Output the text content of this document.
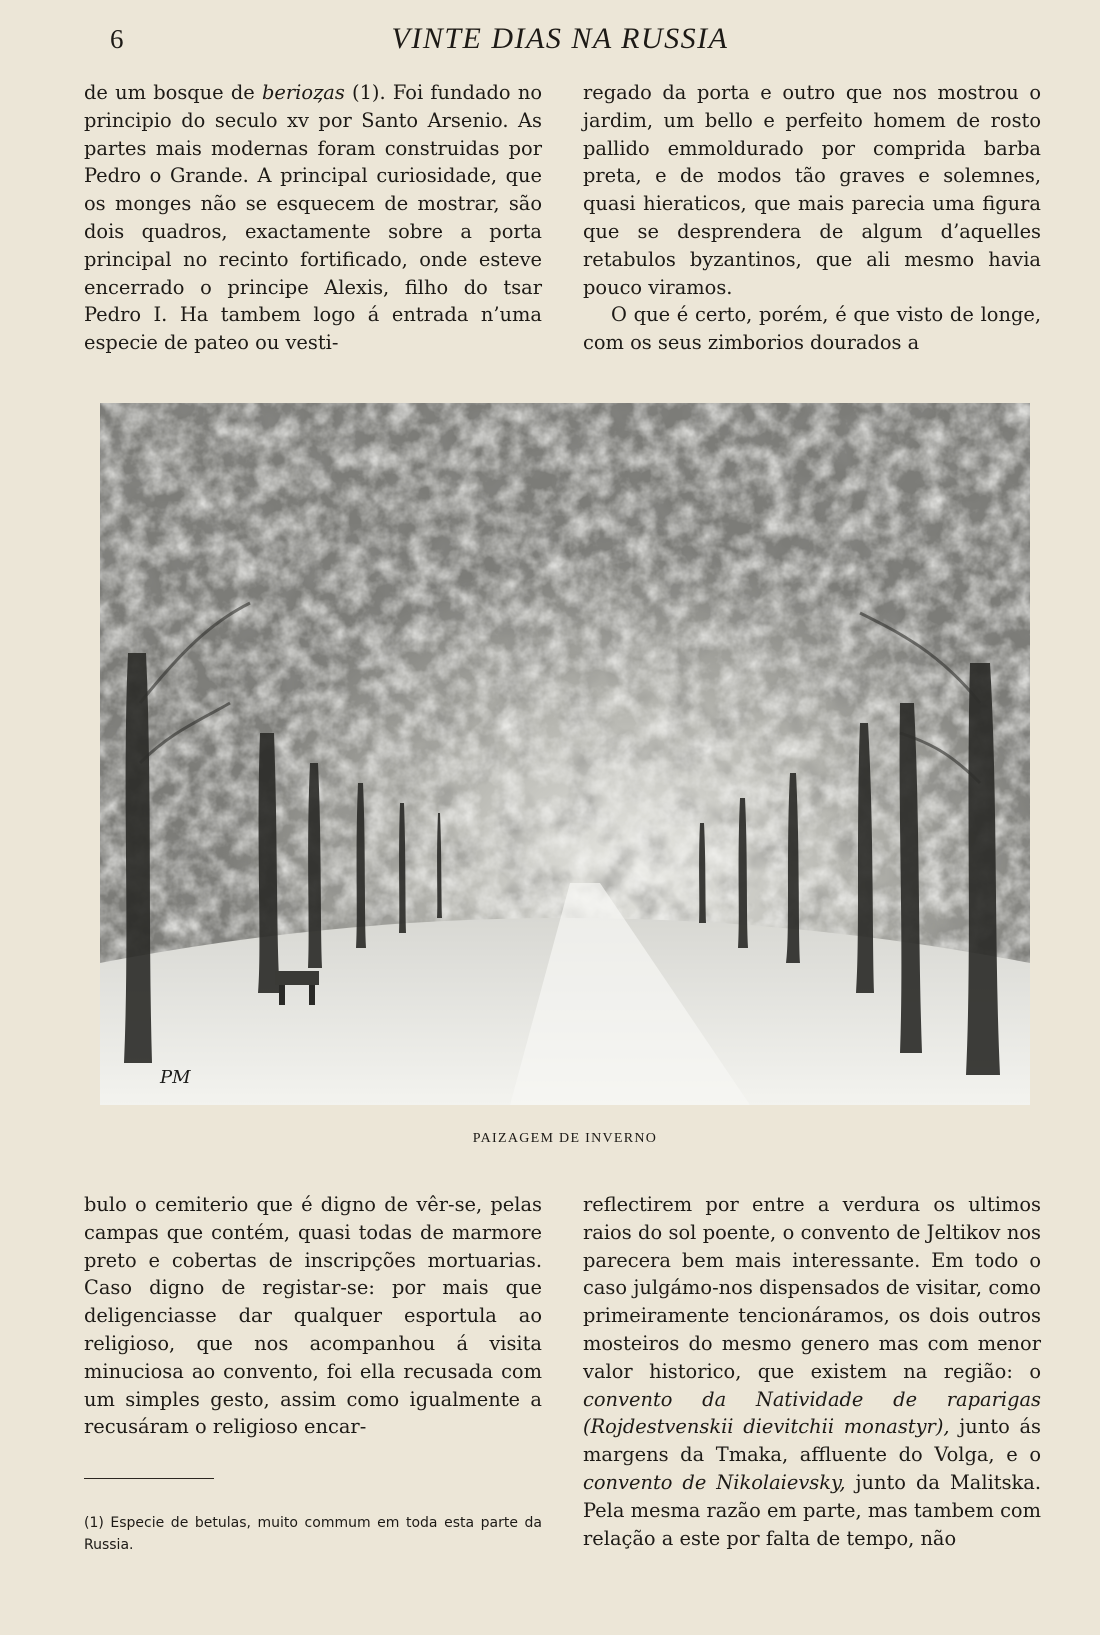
6	VINTE DIAS NA RUSSIA

de um bosque de berioȥas (1). Foi fundado no principio do seculo xv por Santo Arsenio. As partes mais modernas foram construidas por Pedro o Grande. A principal curiosidade, que os monges não se esquecem de mostrar, são dois quadros, exactamente sobre a porta principal no recinto fortificado, onde esteve encerrado o principe Alexis, filho do tsar Pedro I. Ha tambem logo á entrada n’uma especie de pateo ou vesti-

regado da porta e outro que nos mostrou o jardim, um bello e perfeito homem de rosto pallido emmoldurado por comprida barba preta, e de modos tão graves e solemnes, quasi hieraticos, que mais parecia uma figura que se desprendera de algum d’aquelles retabulos byzantinos, que ali mesmo havia pouco viramos.

O que é certo, porém, é que visto de longe, com os seus zimborios dourados a

PM
PAIZAGEM DE INVERNO

bulo o cemiterio que é digno de vêr-se, pelas campas que contém, quasi todas de marmore preto e cobertas de inscripções mortuarias. Caso digno de registar-se: por mais que deligenciasse dar qualquer esportula ao religioso, que nos acompanhou á visita minuciosa ao convento, foi ella recusada com um simples gesto, assim como igualmente a recusáram o religioso encar-

reflectirem por entre a verdura os ultimos raios do sol poente, o convento de Jeltikov nos parecera bem mais interessante. Em todo o caso julgámo-nos dispensados de visitar, como primeiramente tencionáramos, os dois outros mosteiros do mesmo genero mas com menor valor historico, que existem na região: o convento da Natividade de raparigas (Rojdestvenskii dievitchii monastyr), junto ás margens da Tmaka, affluente do Volga, e o convento de Nikolaievsky, junto da Malitska. Pela mesma razão em parte, mas tambem com relação a este por falta de tempo, não

(1) Especie de betulas, muito commum em toda esta parte da Russia.
